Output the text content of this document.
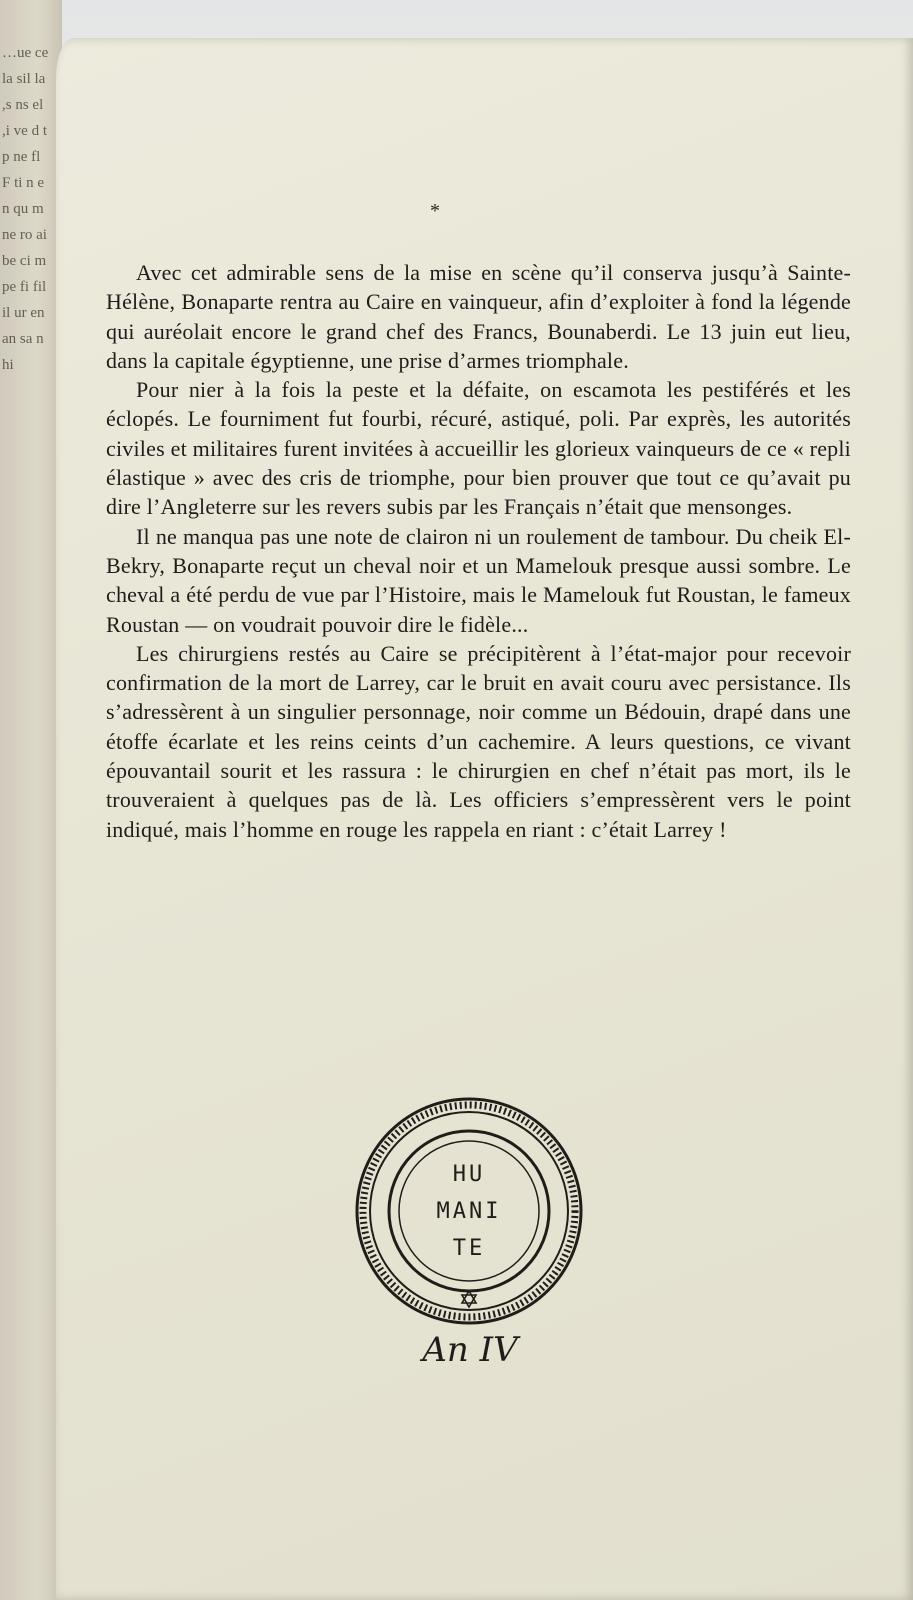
…ue ce la sil la ,s ns el ,i ve d t p ne fl F ti n en qu m ne ro ai be ci m pe fi fil il ur en an sa n hi
*

Avec cet admirable sens de la mise en scène qu’il conserva jusqu’à Sainte-Hélène, Bonaparte rentra au Caire en vainqueur, afin d’exploiter à fond la légende qui auréolait encore le grand chef des Francs, Bounaberdi. Le 13 juin eut lieu, dans la capitale égyptienne, une prise d’armes triomphale.

Pour nier à la fois la peste et la défaite, on escamota les pestiférés et les éclopés. Le fourniment fut fourbi, récuré, astiqué, poli. Par exprès, les autorités civiles et militaires furent invitées à accueillir les glorieux vainqueurs de ce « repli élastique » avec des cris de triomphe, pour bien prouver que tout ce qu’avait pu dire l’Angleterre sur les revers subis par les Français n’était que mensonges.

Il ne manqua pas une note de clairon ni un roulement de tambour. Du cheik El-Bekry, Bonaparte reçut un cheval noir et un Mamelouk presque aussi sombre. Le cheval a été perdu de vue par l’Histoire, mais le Mamelouk fut Roustan, le fameux Roustan — on voudrait pouvoir dire le fidèle...

Les chirurgiens restés au Caire se précipitèrent à l’état-major pour recevoir confirmation de la mort de Larrey, car le bruit en avait couru avec persistance. Ils s’adressèrent à un singulier personnage, noir comme un Bédouin, drapé dans une étoffe écarlate et les reins ceints d’un cachemire. A leurs questions, ce vivant épouvantail sourit et les rassura : le chirurgien en chef n’était pas mort, ils le trouveraient à quelques pas de là. Les officiers s’empressèrent vers le point indiqué, mais l’homme en rouge les rappela en riant : c’était Larrey !

HU
MANI
TE
An IV
